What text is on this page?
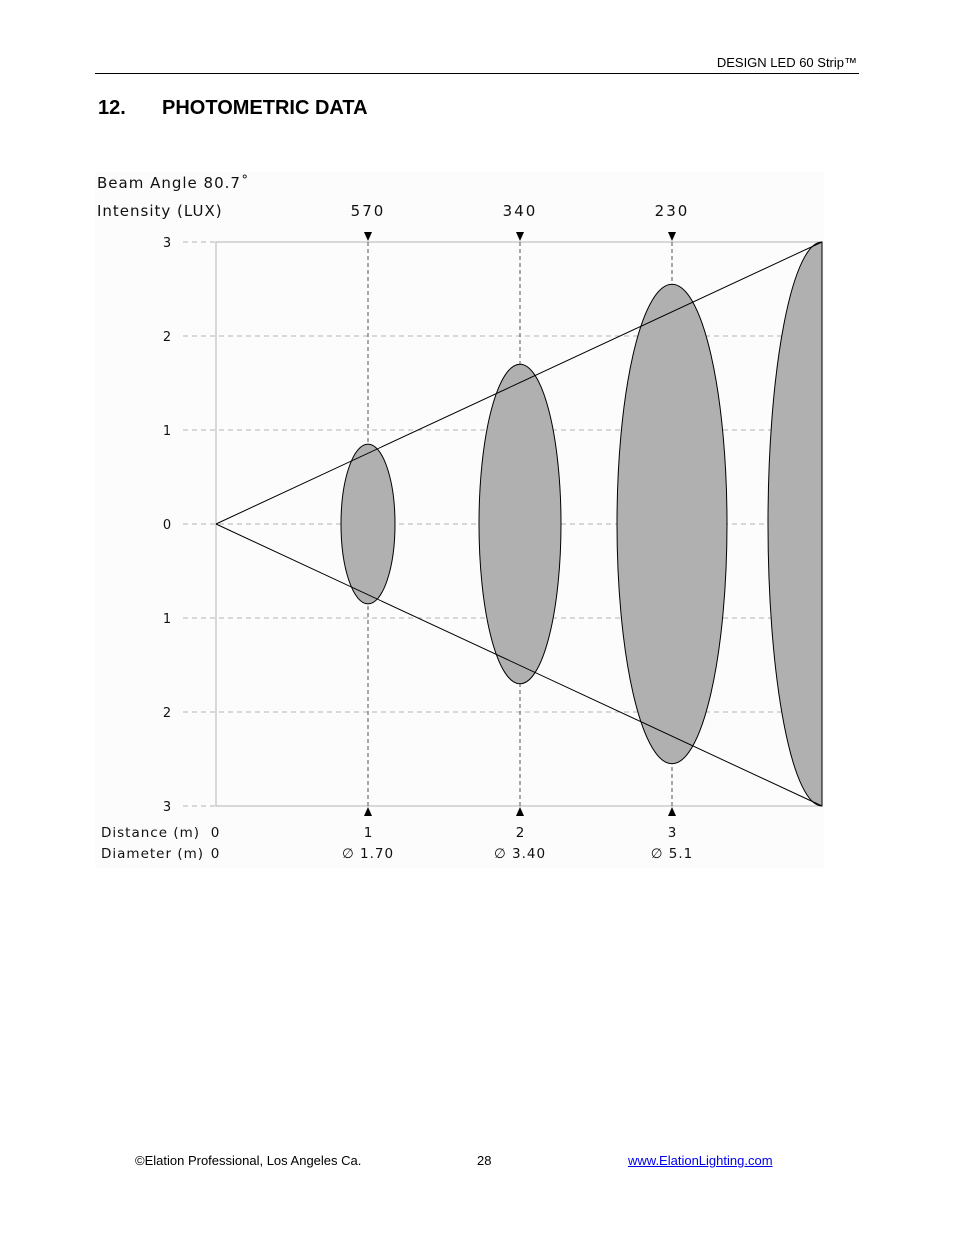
DESIGN LED 60 Strip™
12. PHOTOMETRIC DATA
Beam Angle 80.7˚
Intensity (LUX)
Distance (m)
Diameter (m)
0
0
3
2
1
0
1
2
3
570
1
∅ 1.70
340
2
∅ 3.40
230
3
∅ 5.1
©Elation Professional, Los Angeles Ca.	28	www.ElationLighting.com
